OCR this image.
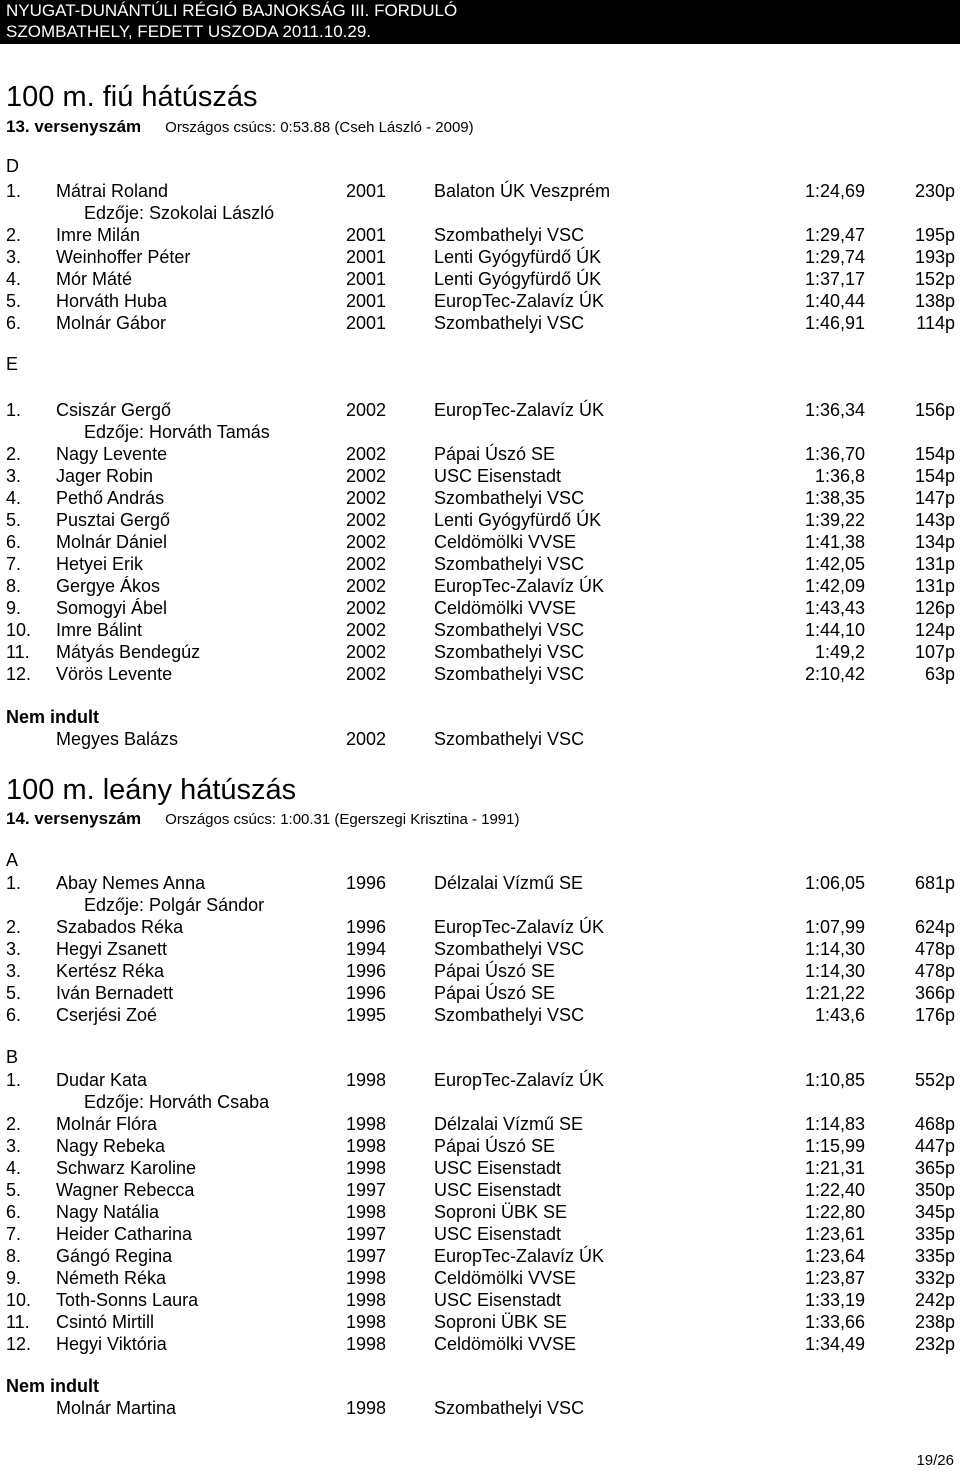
NYUGAT-DUNÁNTÚLI RÉGIÓ BAJNOKSÁG III. FORDULÓ
SZOMBATHELY, FEDETT USZODA 2011.10.29.
100 m. fiú hátúszás
13. versenyszám Országos csúcs: 0:53.88 (Cseh László - 2009)
D
1. Mátrai Roland	2001	Balaton ÚK Veszprém	1:24,69	230p
2. Imre Milán	2001	Szombathelyi VSC	1:29,47	195p
3. Weinhoffer Péter	2001	Lenti Gyógyfürdő ÚK	1:29,74	193p
4. Mór Máté	2001	Lenti Gyógyfürdő ÚK	1:37,17	152p
5. Horváth Huba	2001	EuropTec-Zalavíz ÚK	1:40,44	138p
6. Molnár Gábor	2001	Szombathelyi VSC	1:46,91	114p
Edzője: Szokolai László
E
1. Csiszár Gergő	2002	EuropTec-Zalavíz ÚK	1:36,34	156p
2. Nagy Levente	2002	Pápai Úszó SE	1:36,70	154p
3. Jager Robin	2002	USC Eisenstadt	1:36,8	154p
4. Pethő András	2002	Szombathelyi VSC	1:38,35	147p
5. Pusztai Gergő	2002	Lenti Gyógyfürdő ÚK	1:39,22	143p
6. Molnár Dániel	2002	Celdömölki VVSE	1:41,38	134p
7. Hetyei Erik	2002	Szombathelyi VSC	1:42,05	131p
8. Gergye Ákos	2002	EuropTec-Zalavíz ÚK	1:42,09	131p
9. Somogyi Ábel	2002	Celdömölki VVSE	1:43,43	126p
10. Imre Bálint	2002	Szombathelyi VSC	1:44,10	124p
11. Mátyás Bendegúz	2002	Szombathelyi VSC	1:49,2	107p
12. Vörös Levente	2002	Szombathelyi VSC	2:10,42	63p
Edzője: Horváth Tamás
Nem indult
Megyes Balázs	2002	Szombathelyi VSC
100 m. leány hátúszás
14. versenyszám Országos csúcs: 1:00.31 (Egerszegi Krisztina - 1991)
A
1. Abay Nemes Anna	1996	Délzalai Vízmű SE	1:06,05	681p
2. Szabados Réka	1996	EuropTec-Zalavíz ÚK	1:07,99	624p
3. Hegyi Zsanett	1994	Szombathelyi VSC	1:14,30	478p
3. Kertész Réka	1996	Pápai Úszó SE	1:14,30	478p
5. Iván Bernadett	1996	Pápai Úszó SE	1:21,22	366p
6. Cserjési Zoé	1995	Szombathelyi VSC	1:43,6	176p
Edzője: Polgár Sándor
B
1. Dudar Kata	1998	EuropTec-Zalavíz ÚK	1:10,85	552p
2. Molnár Flóra	1998	Délzalai Vízmű SE	1:14,83	468p
3. Nagy Rebeka	1998	Pápai Úszó SE	1:15,99	447p
4. Schwarz Karoline	1998	USC Eisenstadt	1:21,31	365p
5. Wagner Rebecca	1997	USC Eisenstadt	1:22,40	350p
6. Nagy Natália	1998	Soproni ÜBK SE	1:22,80	345p
7. Heider Catharina	1997	USC Eisenstadt	1:23,61	335p
8. Gángó Regina	1997	EuropTec-Zalavíz ÚK	1:23,64	335p
9. Németh Réka	1998	Celdömölki VVSE	1:23,87	332p
10. Toth-Sonns Laura	1998	USC Eisenstadt	1:33,19	242p
11. Csintó Mirtill	1998	Soproni ÜBK SE	1:33,66	238p
12. Hegyi Viktória	1998	Celdömölki VVSE	1:34,49	232p
Edzője: Horváth Csaba
Nem indult
Molnár Martina	1998	Szombathelyi VSC
19/26
